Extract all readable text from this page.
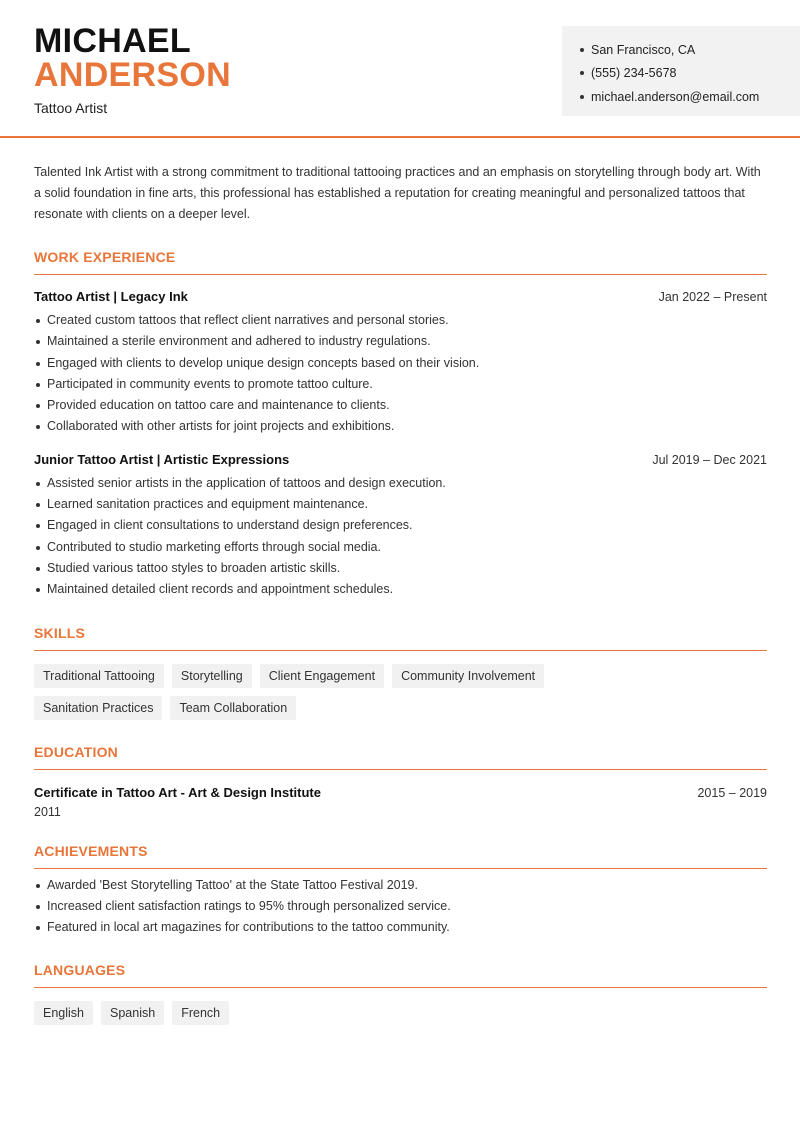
MICHAEL
ANDERSON
Tattoo Artist
San Francisco, CA
(555) 234-5678
michael.anderson@email.com

Talented Ink Artist with a strong commitment to traditional tattooing practices and an emphasis on storytelling through body art. With a solid foundation in fine arts, this professional has established a reputation for creating meaningful and personalized tattoos that resonate with clients on a deeper level.

WORK EXPERIENCE
Tattoo Artist | Legacy Ink	Jan 2022 – Present
Created custom tattoos that reflect client narratives and personal stories.
Maintained a sterile environment and adhered to industry regulations.
Engaged with clients to develop unique design concepts based on their vision.
Participated in community events to promote tattoo culture.
Provided education on tattoo care and maintenance to clients.
Collaborated with other artists for joint projects and exhibitions.
Junior Tattoo Artist | Artistic Expressions	Jul 2019 – Dec 2021
Assisted senior artists in the application of tattoos and design execution.
Learned sanitation practices and equipment maintenance.
Engaged in client consultations to understand design preferences.
Contributed to studio marketing efforts through social media.
Studied various tattoo styles to broaden artistic skills.
Maintained detailed client records and appointment schedules.
SKILLS
Traditional Tattooing	Storytelling	Client Engagement	Community Involvement
Sanitation Practices	Team Collaboration
EDUCATION
Certificate in Tattoo Art - Art & Design Institute	2015 – 2019
2011
ACHIEVEMENTS
Awarded 'Best Storytelling Tattoo' at the State Tattoo Festival 2019.
Increased client satisfaction ratings to 95% through personalized service.
Featured in local art magazines for contributions to the tattoo community.
LANGUAGES
English	Spanish	French
